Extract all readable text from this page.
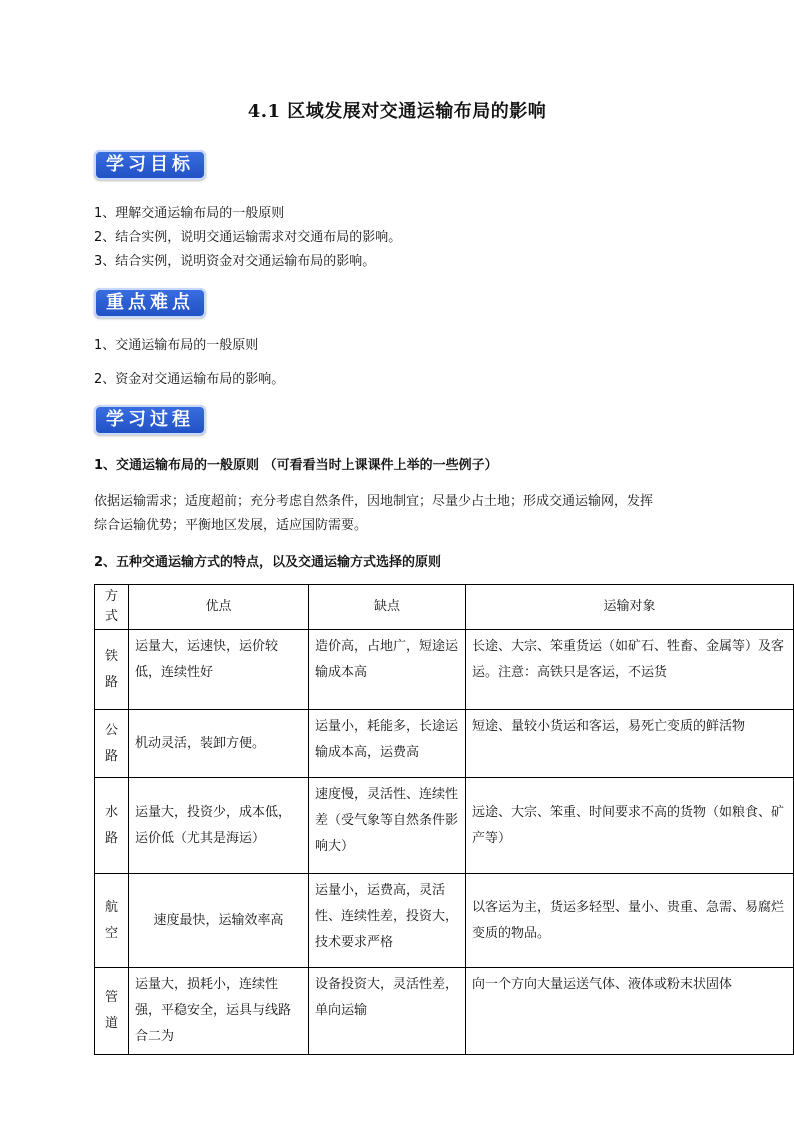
4.1 区域发展对交通运输布局的影响
学习目标
1、理解交通运输布局的一般原则
2、结合实例，说明交通运输需求对交通布局的影响。
3、结合实例，说明资金对交通运输布局的影响。
重点难点
1、交通运输布局的一般原则
2、资金对交通运输布局的影响。
学习过程
1、交通运输布局的一般原则 （可看看当时上课课件上举的一些例子）
依据运输需求；适度超前；充分考虑自然条件，因地制宜；尽量少占土地；形成交通运输网，发挥
综合运输优势；平衡地区发展，适应国防需要。
2、五种交通运输方式的特点，以及交通运输方式选择的原则
方式	优点	缺点	运输对象
铁路	运量大，运速快，运价较低，连续性好	造价高，占地广，短途运输成本高	长途、大宗、笨重货运（如矿石、牲畜、金属等）及客运。注意：高铁只是客运，不运货
公路	机动灵活，装卸方便。	运量小，耗能多，长途运输成本高，运费高	短途、量较小货运和客运，易死亡变质的鲜活物
水路	运量大，投资少，成本低，运价低（尤其是海运）	速度慢，灵活性、连续性差（受气象等自然条件影响大）	远途、大宗、笨重、时间要求不高的货物（如粮食、矿产等）
航空	速度最快，运输效率高	运量小，运费高，灵活性、连续性差，投资大，技术要求严格	以客运为主，货运多轻型、量小、贵重、急需、易腐烂变质的物品。
管道	运量大，损耗小，连续性强，平稳安全，运具与线路合二为	设备投资大，灵活性差，单向运输	向一个方向大量运送气体、液体或粉末状固体
